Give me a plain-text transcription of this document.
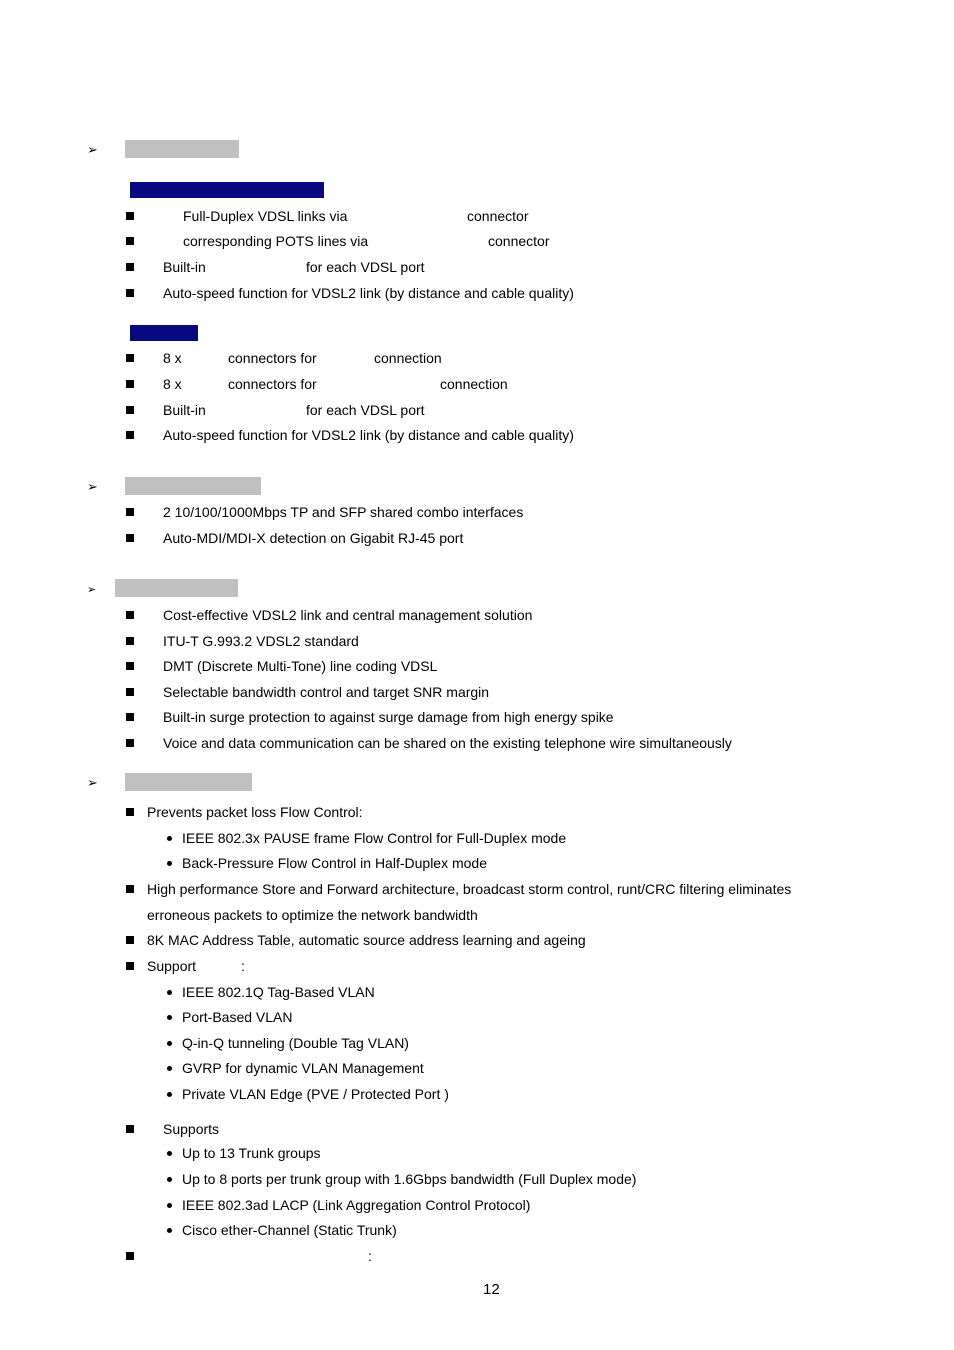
➢
Full-Duplex VDSL links via	connector
corresponding POTS lines via	connector
Built-in	for each VDSL port
Auto-speed function for VDSL2 link (by distance and cable quality)
8 x	connectors for	connection
8 x	connectors for	connection
Built-in	for each VDSL port
Auto-speed function for VDSL2 link (by distance and cable quality)
➢
2 10/100/1000Mbps TP and SFP shared combo interfaces
Auto-MDI/MDI-X detection on Gigabit RJ-45 port
➢
Cost-effective VDSL2 link and central management solution
ITU-T G.993.2 VDSL2 standard
DMT (Discrete Multi-Tone) line coding VDSL
Selectable bandwidth control and target SNR margin
Built-in surge protection to against surge damage from high energy spike
Voice and data communication can be shared on the existing telephone wire simultaneously
➢
Prevents packet loss Flow Control:
IEEE 802.3x PAUSE frame Flow Control for Full-Duplex mode
Back-Pressure Flow Control in Half-Duplex mode
High performance Store and Forward architecture, broadcast storm control, runt/CRC filtering eliminates
erroneous packets to optimize the network bandwidth
8K MAC Address Table, automatic source address learning and ageing
Support	:
IEEE 802.1Q Tag-Based VLAN
Port-Based VLAN
Q-in-Q tunneling (Double Tag VLAN)
GVRP for dynamic VLAN Management
Private VLAN Edge (PVE / Protected Port )
Supports
Up to 13 Trunk groups
Up to 8 ports per trunk group with 1.6Gbps bandwidth (Full Duplex mode)
IEEE 802.3ad LACP (Link Aggregation Control Protocol)
Cisco ether-Channel (Static Trunk)
:
12
